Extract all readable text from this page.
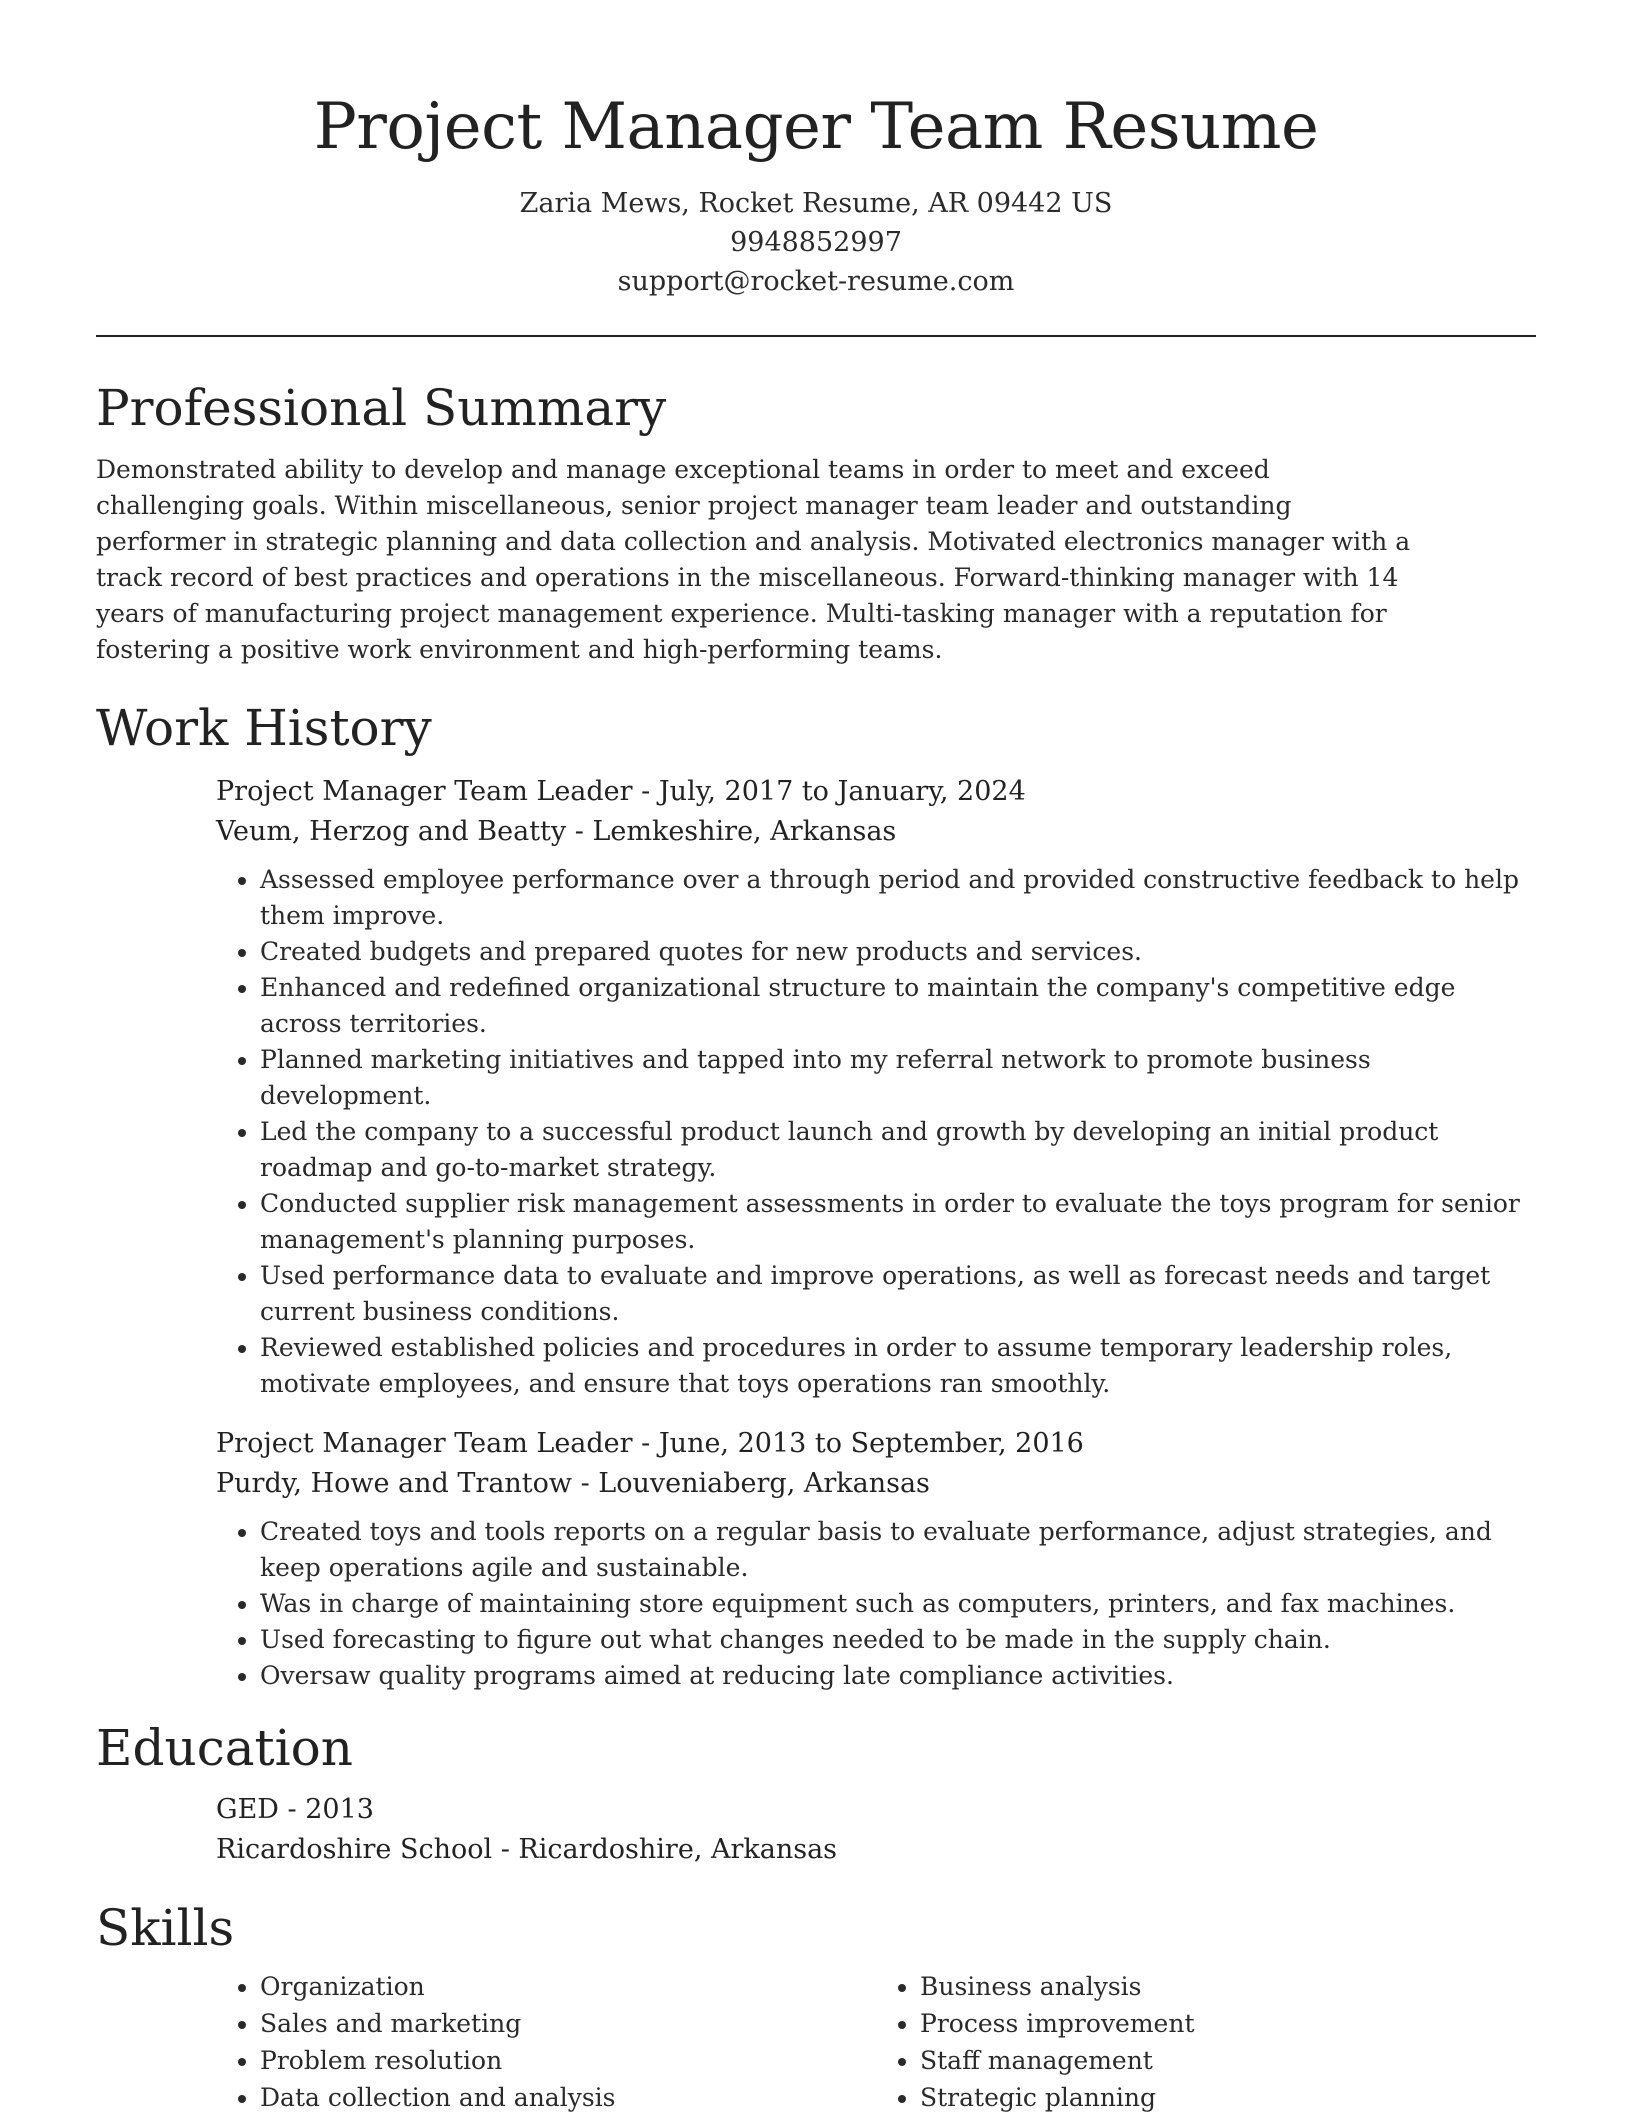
Project Manager Team Resume
Zaria Mews, Rocket Resume, AR 09442 US
9948852997
support@rocket-resume.com
Professional Summary

Demonstrated ability to develop and manage exceptional teams in order to meet and exceed challenging goals. Within miscellaneous, senior project manager team leader and outstanding performer in strategic planning and data collection and analysis. Motivated electronics manager with a track record of best practices and operations in the miscellaneous. Forward-thinking manager with 14 years of manufacturing project management experience. Multi-tasking manager with a reputation for fostering a positive work environment and high-performing teams.

Work History
Project Manager Team Leader - July, 2017 to January, 2024
Veum, Herzog and Beatty - Lemkeshire, Arkansas
• Assessed employee performance over a through period and provided constructive feedback to help them improve.
• Created budgets and prepared quotes for new products and services.
• Enhanced and redefined organizational structure to maintain the company's competitive edge across territories.
• Planned marketing initiatives and tapped into my referral network to promote business development.
• Led the company to a successful product launch and growth by developing an initial product roadmap and go-to-market strategy.
• Conducted supplier risk management assessments in order to evaluate the toys program for senior management's planning purposes.
• Used performance data to evaluate and improve operations, as well as forecast needs and target current business conditions.
• Reviewed established policies and procedures in order to assume temporary leadership roles, motivate employees, and ensure that toys operations ran smoothly.
Project Manager Team Leader - June, 2013 to September, 2016
Purdy, Howe and Trantow - Louveniaberg, Arkansas
• Created toys and tools reports on a regular basis to evaluate performance, adjust strategies, and keep operations agile and sustainable.
• Was in charge of maintaining store equipment such as computers, printers, and fax machines.
• Used forecasting to figure out what changes needed to be made in the supply chain.
• Oversaw quality programs aimed at reducing late compliance activities.
Education
GED - 2013
Ricardoshire School - Ricardoshire, Arkansas
Skills
• Organization
• Sales and marketing
• Problem resolution
• Data collection and analysis
• Business analysis
• Process improvement
• Staff management
• Strategic planning
